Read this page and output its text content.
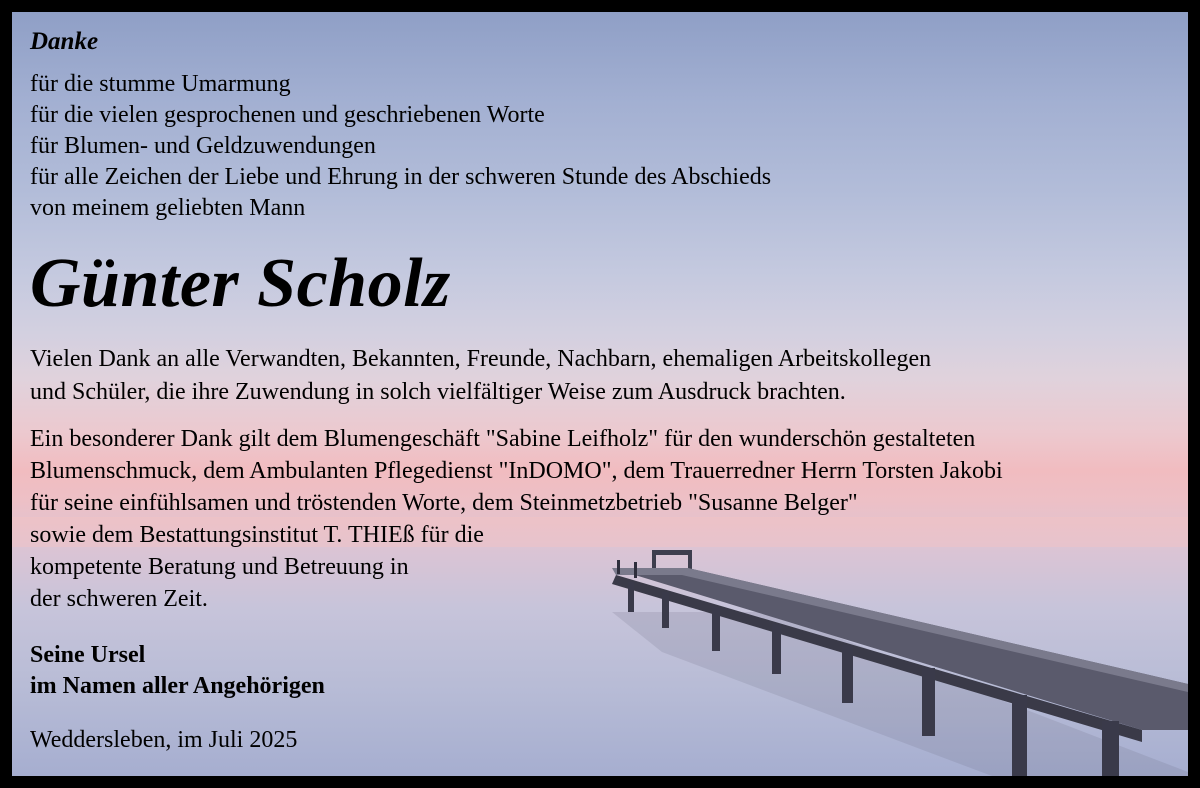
Danke
für die stumme Umarmung
für die vielen gesprochenen und geschriebenen Worte
für Blumen- und Geldzuwendungen
für alle Zeichen der Liebe und Ehrung in der schweren Stunde des Abschieds
von meinem geliebten Mann
Günter Scholz
Vielen Dank an alle Verwandten, Bekannten, Freunde, Nachbarn, ehemaligen Arbeitskollegen
und Schüler, die ihre Zuwendung in solch vielfältiger Weise zum Ausdruck brachten.
Ein besonderer Dank gilt dem Blumengeschäft "Sabine Leifholz" für den wunderschön gestalteten
Blumenschmuck, dem Ambulanten Pflegedienst "InDOMO", dem Trauerredner Herrn Torsten Jakobi
für seine einfühlsamen und tröstenden Worte, dem Steinmetzbetrieb "Susanne Belger"
sowie dem Bestattungsinstitut T. THIEß für die
kompetente Beratung und Betreuung in
der schweren Zeit.
Seine Ursel
im Namen aller Angehörigen
Weddersleben, im Juli 2025
